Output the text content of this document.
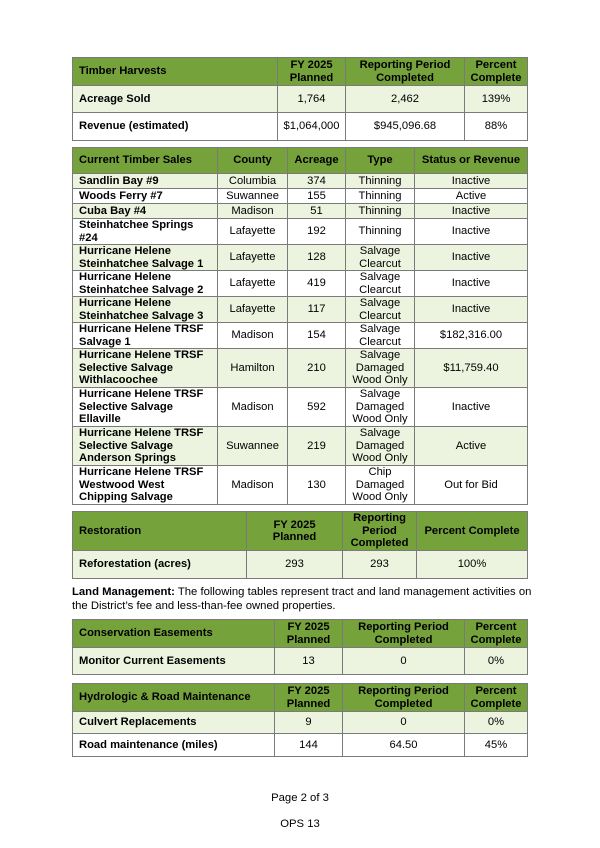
Timber Harvests	FY 2025 Planned	Reporting Period Completed	Percent Complete
Acreage Sold	1,764	2,462	139%
Revenue (estimated)	$1,064,000	$945,096.68	88%
Current Timber Sales	County	Acreage	Type	Status or Revenue
Sandlin Bay #9	Columbia	374	Thinning	Inactive
Woods Ferry #7	Suwannee	155	Thinning	Active
Cuba Bay #4	Madison	51	Thinning	Inactive
Steinhatchee Springs #24	Lafayette	192	Thinning	Inactive
Hurricane Helene Steinhatchee Salvage 1	Lafayette	128	Salvage Clearcut	Inactive
Hurricane Helene Steinhatchee Salvage 2	Lafayette	419	Salvage Clearcut	Inactive
Hurricane Helene Steinhatchee Salvage 3	Lafayette	117	Salvage Clearcut	Inactive
Hurricane Helene TRSF Salvage 1	Madison	154	Salvage Clearcut	$182,316.00
Hurricane Helene TRSF Selective Salvage Withlacoochee	Hamilton	210	Salvage Damaged Wood Only	$11,759.40
Hurricane Helene TRSF Selective Salvage Ellaville	Madison	592	Salvage Damaged Wood Only	Inactive
Hurricane Helene TRSF Selective Salvage Anderson Springs	Suwannee	219	Salvage Damaged Wood Only	Active
Hurricane Helene TRSF Westwood West Chipping Salvage	Madison	130	Chip Damaged Wood Only	Out for Bid
Restoration	FY 2025 Planned	Reporting Period Completed	Percent Complete
Reforestation (acres)	293	293	100%
Land Management: The following tables represent tract and land management activities on the District’s fee and less-than-fee owned properties.
Conservation Easements	FY 2025 Planned	Reporting Period Completed	Percent Complete
Monitor Current Easements	13	0	0%
Hydrologic & Road Maintenance	FY 2025 Planned	Reporting Period Completed	Percent Complete
Culvert Replacements	9	0	0%
Road maintenance (miles)	144	64.50	45%
Page 2 of 3
OPS 13
